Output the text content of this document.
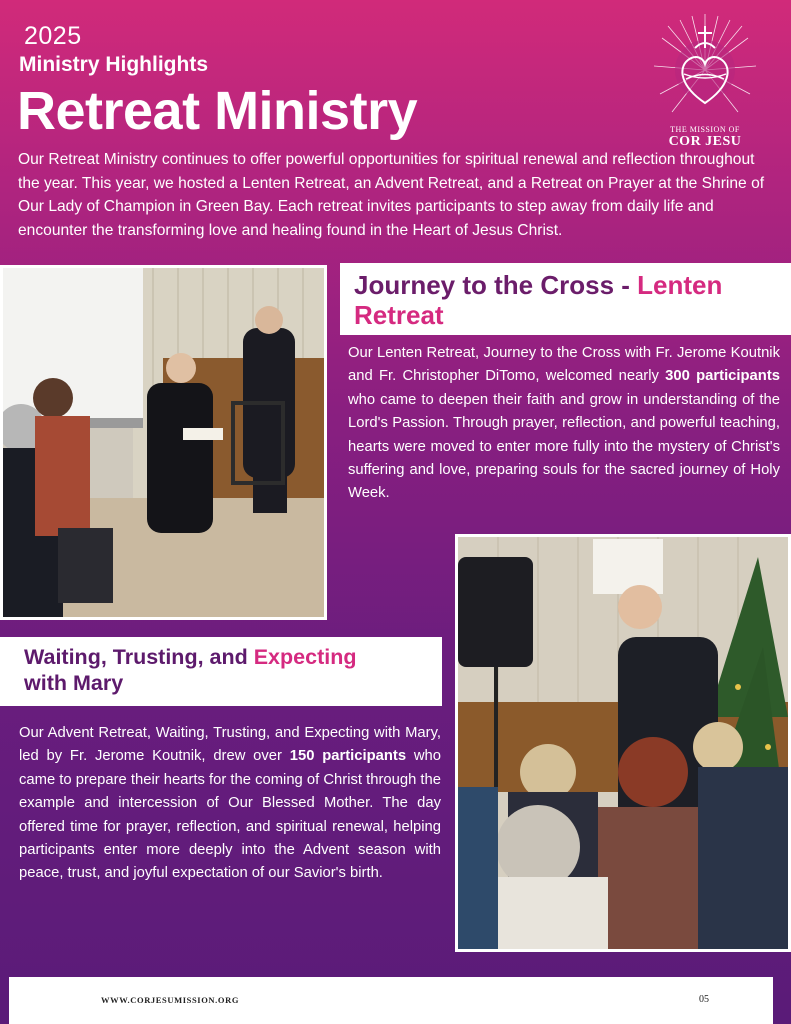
2025
Ministry Highlights
Retreat Ministry
Our Retreat Ministry continues to offer powerful opportunities for spiritual renewal and reflection throughout the year. This year, we hosted a Lenten Retreat, an Advent Retreat, and a Retreat on Prayer at the Shrine of Our Lady of Champion in Green Bay. Each retreat invites participants to step away from daily life and encounter the transforming love and healing found in the Heart of Jesus Christ.
THE MISSION OF
COR JESU
Journey to the Cross - Lenten Retreat
Our Lenten Retreat, Journey to the Cross with Fr. Jerome Koutnik and Fr. Christopher DiTomo, welcomed nearly 300 participants who came to deepen their faith and grow in understanding of the Lord's Passion. Through prayer, reflection, and powerful teaching, hearts were moved to enter more fully into the mystery of Christ's suffering and love, preparing souls for the sacred journey of Holy Week.
Waiting, Trusting, and Expecting
with Mary
Our Advent Retreat, Waiting, Trusting, and Expecting with Mary, led by Fr. Jerome Koutnik, drew over 150 participants who came to prepare their hearts for the coming of Christ through the example and intercession of Our Blessed Mother. The day offered time for prayer, reflection, and spiritual renewal, helping participants enter more deeply into the Advent season with peace, trust, and joyful expectation of our Savior's birth.
WWW.CORJESUMISSION.ORG	05
